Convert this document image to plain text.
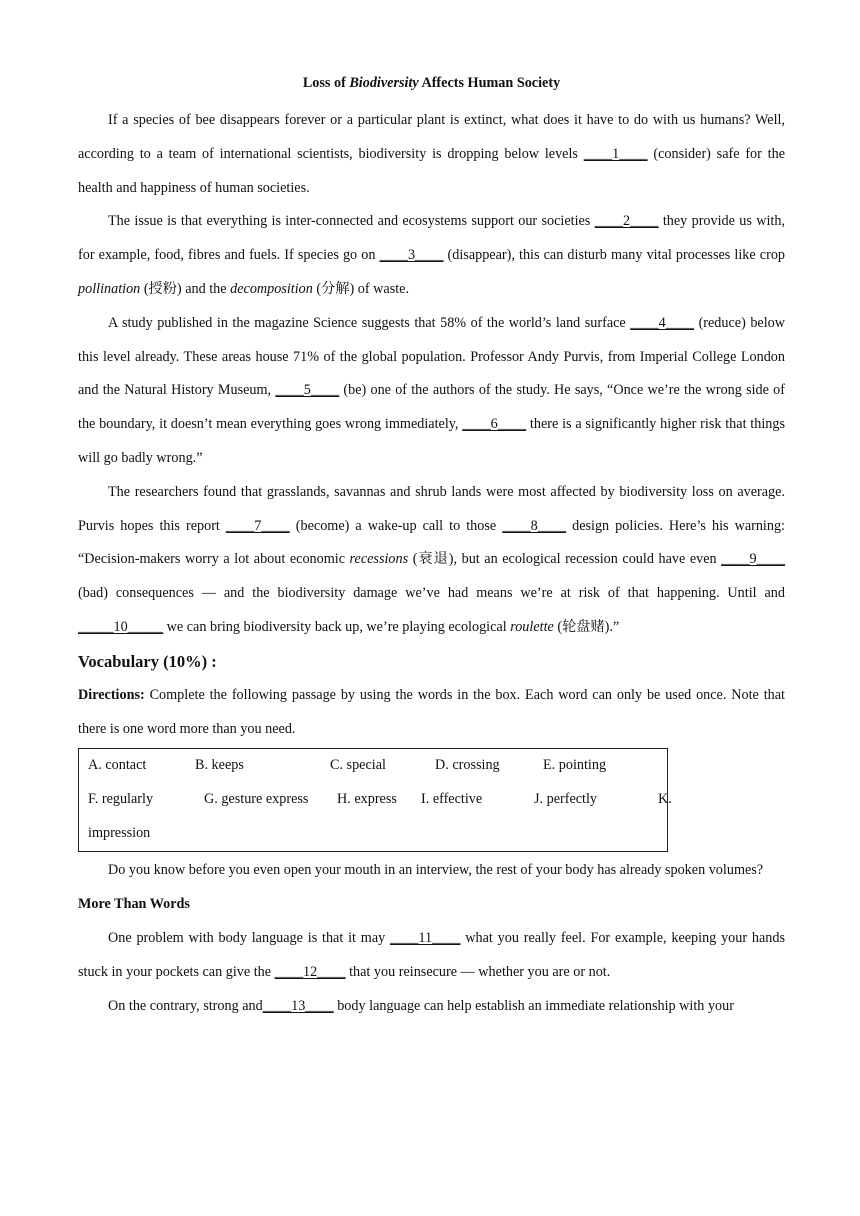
Loss of Biodiversity Affects Human Society

If a species of bee disappears forever or a particular plant is extinct, what does it have to do with us humans? Well, according to a team of international scientists, biodiversity is dropping below levels ____1____ (consider) safe for the health and happiness of human societies.

The issue is that everything is inter-connected and ecosystems support our societies ____2____ they provide us with, for example, food, fibres and fuels. If species go on ____3____ (disappear), this can disturb many vital processes like crop pollination (授粉) and the decomposition (分解) of waste.

A study published in the magazine Science suggests that 58% of the world’s land surface ____4____ (reduce) below this level already. These areas house 71% of the global population. Professor Andy Purvis, from Imperial College London and the Natural History Museum, ____5____ (be) one of the authors of the study. He says, “Once we’re the wrong side of the boundary, it doesn’t mean everything goes wrong immediately, ____6____ there is a significantly higher risk that things will go badly wrong.”

The researchers found that grasslands, savannas and shrub lands were most affected by biodiversity loss on average. Purvis hopes this report ____7____ (become) a wake-up call to those ____8____ design policies. Here’s his warning: “Decision-makers worry a lot about economic recessions (衰退), but an ecological recession could have even ____9____ (bad) consequences — and the biodiversity damage we’ve had means we’re at risk of that happening. Until and _____10_____ we can bring biodiversity back up, we’re playing ecological roulette (轮盘赌).”

Vocabulary (10%) :

Directions: Complete the following passage by using the words in the box. Each word can only be used once. Note that there is one word more than you need.

A. contact	B. keeps	C. special	D. crossing	E. pointing
F. regularly	G. gesture express H. express I. effective	J. perfectly	K.
impression

Do you know before you even open your mouth in an interview, the rest of your body has already spoken volumes?

More Than Words

One problem with body language is that it may ____11____ what you really feel. For example, keeping your hands stuck in your pockets can give the ____12____ that you reinsecure — whether you are or not.

On the contrary, strong and____13____ body language can help establish an immediate relationship with your
